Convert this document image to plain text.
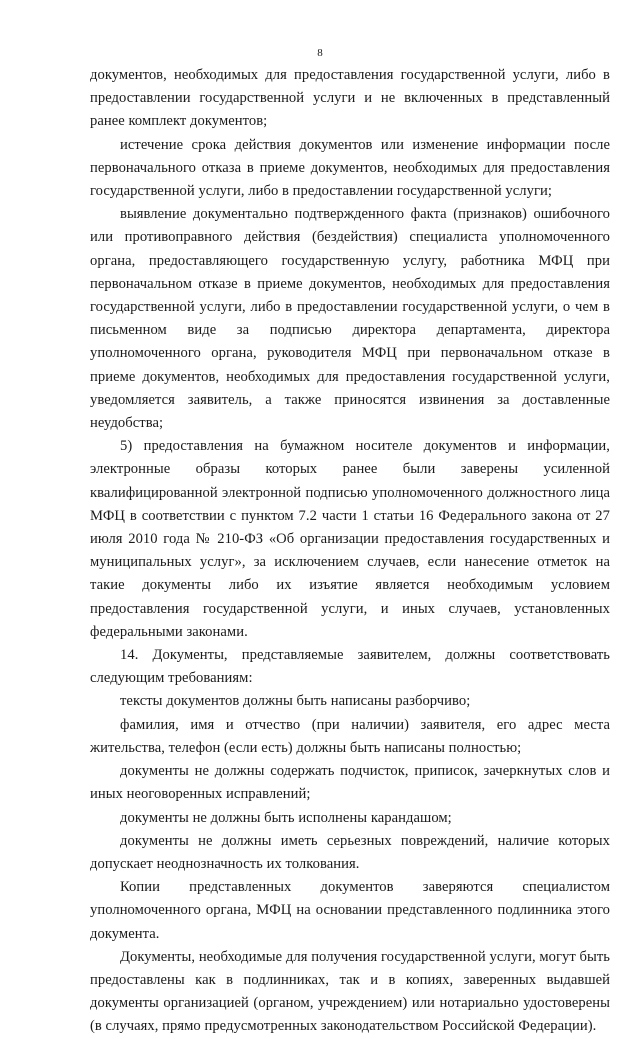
8

документов, необходимых для предоставления государственной услуги, либо в предоставлении государственной услуги и не включенных в представленный ранее комплект документов;

истечение срока действия документов или изменение информации после первоначального отказа в приеме документов, необходимых для предоставления государственной услуги, либо в предоставлении государственной услуги;

выявление документально подтвержденного факта (признаков) ошибочного или противоправного действия (бездействия) специалиста уполномоченного органа, предоставляющего государственную услугу, работника МФЦ при первоначальном отказе в приеме документов, необходимых для предоставления государственной услуги, либо в предоставлении государственной услуги, о чем в письменном виде за подписью директора департамента, директора уполномоченного органа, руководителя МФЦ при первоначальном отказе в приеме документов, необходимых для предоставления государственной услуги, уведомляется заявитель, а также приносятся извинения за доставленные неудобства;

5) предоставления на бумажном носителе документов и информации, электронные образы которых ранее были заверены усиленной квалифицированной электронной подписью уполномоченного должностного лица МФЦ в соответствии с пунктом 7.2 части 1 статьи 16 Федерального закона от 27 июля 2010 года № 210-ФЗ «Об организации предоставления государственных и муниципальных услуг», за исключением случаев, если нанесение отметок на такие документы либо их изъятие является необходимым условием предоставления государственной услуги, и иных случаев, установленных федеральными законами.

14. Документы, представляемые заявителем, должны соответствовать следующим требованиям:

тексты документов должны быть написаны разборчиво;

фамилия, имя и отчество (при наличии) заявителя, его адрес места жительства, телефон (если есть) должны быть написаны полностью;

документы не должны содержать подчисток, приписок, зачеркнутых слов и иных неоговоренных исправлений;

документы не должны быть исполнены карандашом;

документы не должны иметь серьезных повреждений, наличие которых допускает неоднозначность их толкования.

Копии представленных документов заверяются специалистом уполномоченного органа, МФЦ на основании представленного подлинника этого документа.

Документы, необходимые для получения государственной услуги, могут быть предоставлены как в подлинниках, так и в копиях, заверенных выдавшей документы организацией (органом, учреждением) или нотариально удостоверены (в случаях, прямо предусмотренных законодательством Российской Федерации).
